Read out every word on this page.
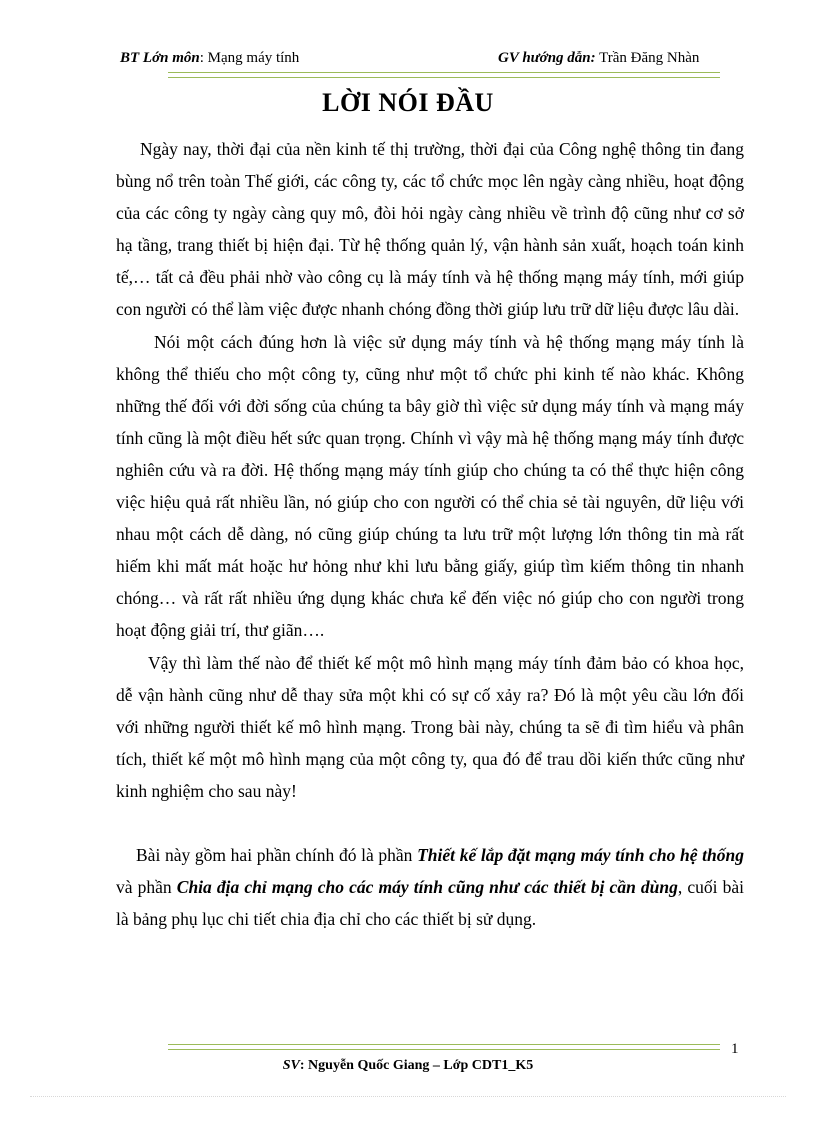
BT Lớn môn: Mạng máy tính	GV hướng dẫn: Trần Đăng Nhàn
LỜI NÓI ĐẦU

Ngày nay, thời đại của nền kinh tế thị trường, thời đại của Công nghệ thông tin đang bùng nổ trên toàn Thế giới, các công ty, các tổ chức mọc lên ngày càng nhiều, hoạt động của các công ty ngày càng quy mô, đòi hỏi ngày càng nhiều về trình độ cũng như cơ sở hạ tầng, trang thiết bị hiện đại. Từ hệ thống quản lý, vận hành sản xuất, hoạch toán kinh tế,… tất cả đều phải nhờ vào công cụ là máy tính và hệ thống mạng máy tính, mới giúp con người có thể làm việc được nhanh chóng đồng thời giúp lưu trữ dữ liệu được lâu dài.

Nói một cách đúng hơn là việc sử dụng máy tính và hệ thống mạng máy tính là không thể thiếu cho một công ty, cũng như một tổ chức phi kinh tế nào khác. Không những thế đối với đời sống của chúng ta bây giờ thì việc sử dụng máy tính và mạng máy tính cũng là một điều hết sức quan trọng. Chính vì vậy mà hệ thống mạng máy tính được nghiên cứu và ra đời. Hệ thống mạng máy tính giúp cho chúng ta có thể thực hiện công việc hiệu quả rất nhiều lần, nó giúp cho con người có thể chia sẻ tài nguyên, dữ liệu với nhau một cách dễ dàng, nó cũng giúp chúng ta lưu trữ một lượng lớn thông tin mà rất hiếm khi mất mát hoặc hư hỏng như khi lưu bằng giấy, giúp tìm kiếm thông tin nhanh chóng… và rất rất nhiều ứng dụng khác chưa kể đến việc nó giúp cho con người trong hoạt động giải trí, thư giãn….

Vậy thì làm thế nào để thiết kế một mô hình mạng máy tính đảm bảo có khoa học, dễ vận hành cũng như dễ thay sửa một khi có sự cố xảy ra? Đó là một yêu cầu lớn đối với những người thiết kế mô hình mạng. Trong bài này, chúng ta sẽ đi tìm hiểu và phân tích, thiết kế một mô hình mạng của một công ty, qua đó để trau dồi kiến thức cũng như kinh nghiệm cho sau này!

Bài này gồm hai phần chính đó là phần Thiết kế lắp đặt mạng máy tính cho hệ thống và phần Chia địa chỉ mạng cho các máy tính cũng như các thiết bị cần dùng, cuối bài là bảng phụ lục chi tiết chia địa chỉ cho các thiết bị sử dụng.

1
SV: Nguyễn Quốc Giang – Lớp CDT1_K5
